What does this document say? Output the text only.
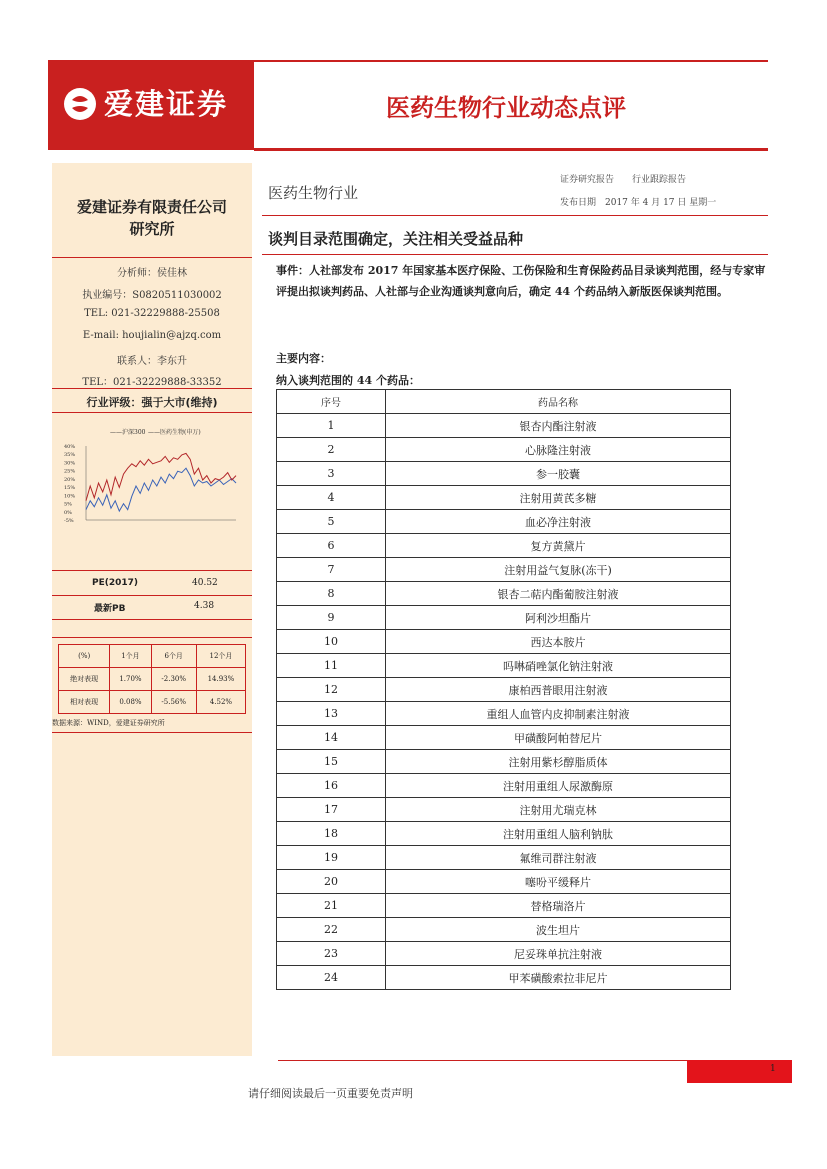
爱建证券	医药生物行业动态点评
爱建证券有限责任公司
研究所
分析师：侯佳林
执业编号：S0820511030002
TEL: 021-32229888-25508
E-mail: houjialin@ajzq.com
联系人：李东升
TEL：021-32229888-33352
行业评级：强于大市(维持)
——沪深300 ——医药生物(申万)
40%
35%
30%
25%
20%
15%
10%
5%
0%
-5%
PE(2017)	40.52
最新PB	4.38
(%)	1个月	6个月	12个月
绝对表现	1.70%	-2.30%	14.93%
相对表现	0.08%	-5.56%	4.52%
数据来源：WIND，爱建证券研究所
医药生物行业
证券研究报告　　行业跟踪报告
发布日期　2017 年 4 月 17 日 星期一
谈判目录范围确定，关注相关受益品种
事件：人社部发布 2017 年国家基本医疗保险、工伤保险和生育保险药品目录谈判范围，经与专家审评提出拟谈判药品、人社部与企业沟通谈判意向后，确定 44 个药品纳入新版医保谈判范围。
主要内容：
纳入谈判范围的 44 个药品：
序号	药品名称
1	银杏内酯注射液
2	心脉隆注射液
3	参一胶囊
4	注射用黄芪多糖
5	血必净注射液
6	复方黄黛片
7	注射用益气复脉(冻干)
8	银杏二萜内酯葡胺注射液
9	阿利沙坦酯片
10	西达本胺片
11	吗啉硝唑氯化钠注射液
12	康柏西普眼用注射液
13	重组人血管内皮抑制素注射液
14	甲磺酸阿帕替尼片
15	注射用紫杉醇脂质体
16	注射用重组人尿激酶原
17	注射用尤瑞克林
18	注射用重组人脑利钠肽
19	氟维司群注射液
20	噻吩平缓释片
21	替格瑞洛片
22	波生坦片
23	尼妥珠单抗注射液
24	甲苯磺酸索拉非尼片
1
请仔细阅读最后一页重要免责声明
